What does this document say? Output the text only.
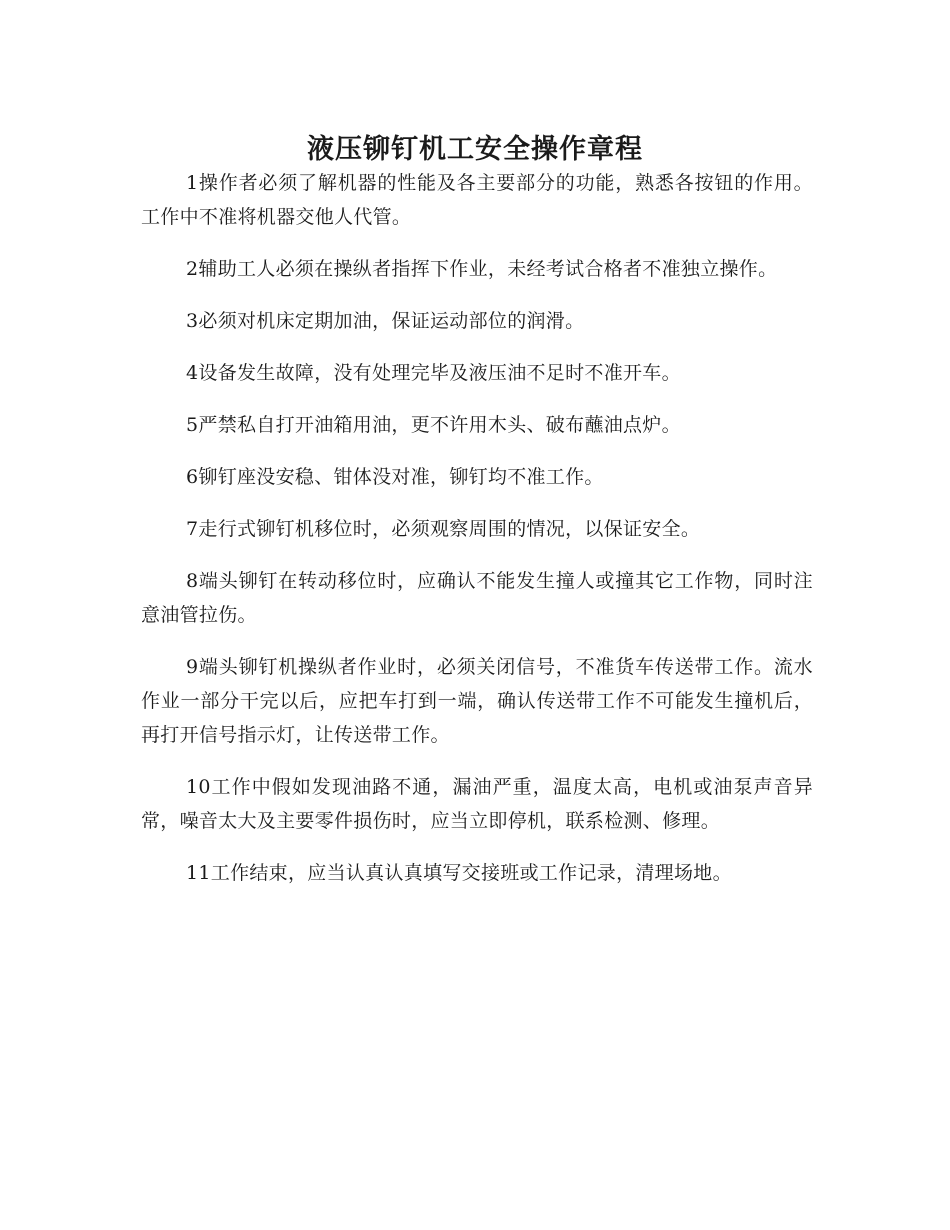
液压铆钉机工安全操作章程

1操作者必须了解机器的性能及各主要部分的功能，熟悉各按钮的作用。工作中不准将机器交他人代管。

2辅助工人必须在操纵者指挥下作业，未经考试合格者不准独立操作。

3必须对机床定期加油，保证运动部位的润滑。

4设备发生故障，没有处理完毕及液压油不足时不准开车。

5严禁私自打开油箱用油，更不许用木头、破布蘸油点炉。

6铆钉座没安稳、钳体没对准，铆钉均不准工作。

7走行式铆钉机移位时，必须观察周围的情况，以保证安全。

8端头铆钉在转动移位时，应确认不能发生撞人或撞其它工作物，同时注意油管拉伤。

9端头铆钉机操纵者作业时，必须关闭信号，不准货车传送带工作。流水作业一部分干完以后，应把车打到一端，确认传送带工作不可能发生撞机后，再打开信号指示灯，让传送带工作。

10工作中假如发现油路不通，漏油严重，温度太高，电机或油泵声音异常，噪音太大及主要零件损伤时，应当立即停机，联系检测、修理。

11工作结束，应当认真认真填写交接班或工作记录，清理场地。
